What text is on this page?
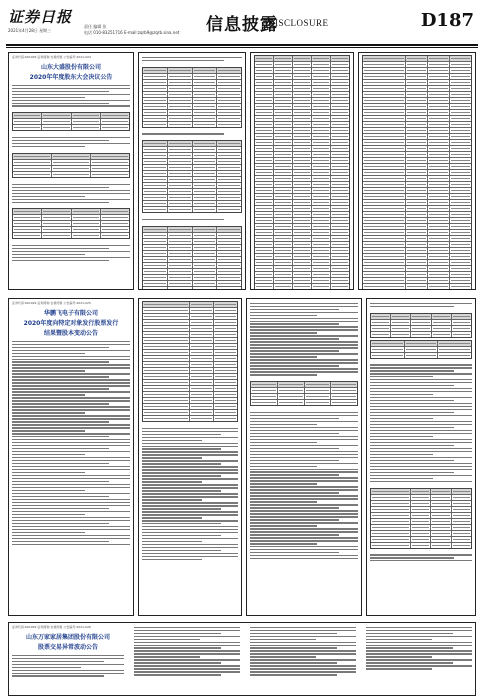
证券日报
2021年4月28日 星期三
责任 编辑 张
电话 010-83251716 E-mail:zqrb9@zqrb.sina.net 信息披露
DISCLOSURE	D187
证券代码:601929 证券简称:吉视传媒 公告编号:2021-024
山东大盛股份有限公司
2020年年度股东大会决议公告
证券代码:601929 证券简称:吉视传媒 公告编号:2021-025
华鹏飞电子有限公司
2020年度向特定对象发行股票发行
结果暨股本变动公告
证券代码:601929 证券简称:吉视传媒 公告编号:2021-026
山东万家家居集团股份有限公司
股票交易异常波动公告
